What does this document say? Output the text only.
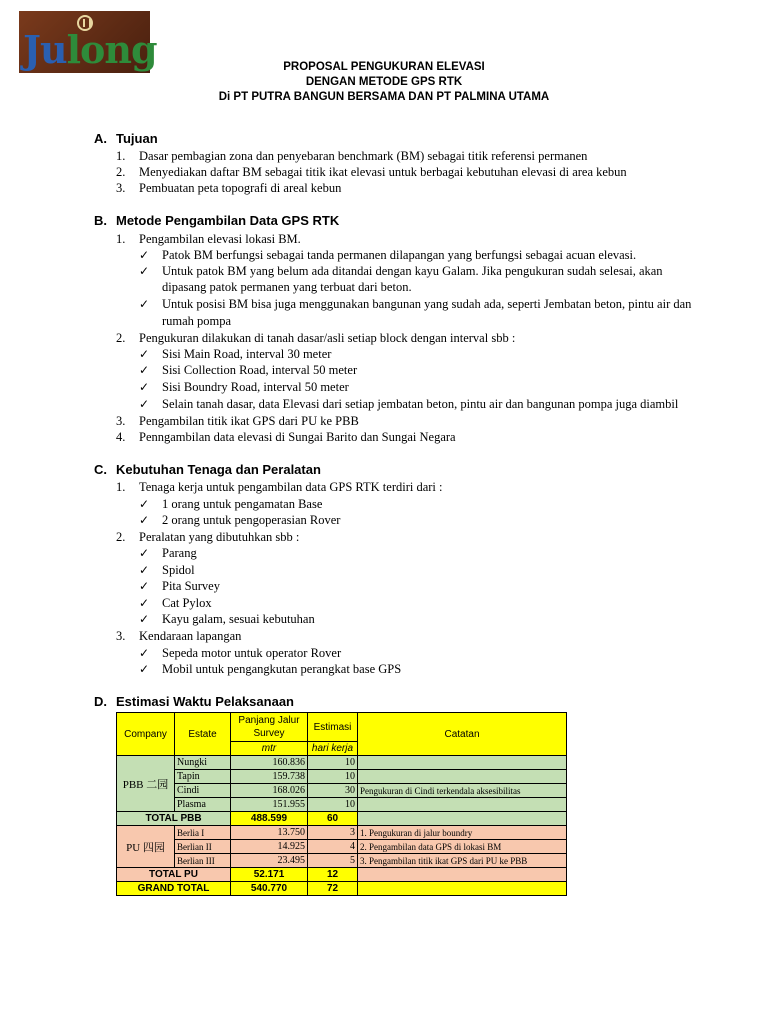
Julong	PROPOSAL PENGUKURAN ELEVASI
DENGAN METODE GPS RTK
Di PT PUTRA BANGUN BERSAMA DAN PT PALMINA UTAMA
A. Tujuan
1. Dasar pembagian zona dan penyebaran benchmark (BM) sebagai titik referensi permanen
2. Menyediakan daftar BM sebagai titik ikat elevasi untuk berbagai kebutuhan elevasi di area kebun
3. Pembuatan peta topografi di areal kebun
B. Metode Pengambilan Data GPS RTK
1. Pengambilan elevasi lokasi BM.
✓ Patok BM berfungsi sebagai tanda permanen dilapangan yang berfungsi sebagai acuan elevasi.
✓ Untuk patok BM yang belum ada ditandai dengan kayu Galam. Jika pengukuran sudah selesai, akan
dipasang patok permanen yang terbuat dari beton.
✓ Untuk posisi BM bisa juga menggunakan bangunan yang sudah ada, seperti Jembatan beton, pintu air dan
rumah pompa
2. Pengukuran dilakukan di tanah dasar/asli setiap block dengan interval sbb :
✓ Sisi Main Road, interval 30 meter
✓ Sisi Collection Road, interval 50 meter
✓ Sisi Boundry Road, interval 50 meter
✓ Selain tanah dasar, data Elevasi dari setiap jembatan beton, pintu air dan bangunan pompa juga diambil
3. Pengambilan titik ikat GPS dari PU ke PBB
4. Penngambilan data elevasi di Sungai Barito dan Sungai Negara
C. Kebutuhan Tenaga dan Peralatan
1. Tenaga kerja untuk pengambilan data GPS RTK terdiri dari :
✓ 1 orang untuk pengamatan Base
✓ 2 orang untuk pengoperasian Rover
2. Peralatan yang dibutuhkan sbb :
✓ Parang
✓ Spidol
✓ Pita Survey
✓ Cat Pylox
✓ Kayu galam, sesuai kebutuhan
3. Kendaraan lapangan
✓ Sepeda motor untuk operator Rover
✓ Mobil untuk pengangkutan perangkat base GPS
D. Estimasi Waktu Pelaksanaan
Company	Estate	Panjang Jalur Survey	Estimasi	Catatan
		mtr	hari kerja	
PBB 二园	Nungki	160.836	10	
	Tapin	159.738	10	
	Cindi	168.026	30	Pengukuran di Cindi terkendala aksesibilitas
	Plasma	151.955	10	
TOTAL PBB		488.599	60	
PU 四园	Berlia I	13.750	3	1. Pengukuran di jalur boundry
	Berlian II	14.925	4	2. Pengambilan data GPS di lokasi BM
	Berlian III	23.495	5	3. Pengambilan titik ikat GPS dari PU ke PBB
TOTAL PU		52.171	12	
GRAND TOTAL		540.770	72	
